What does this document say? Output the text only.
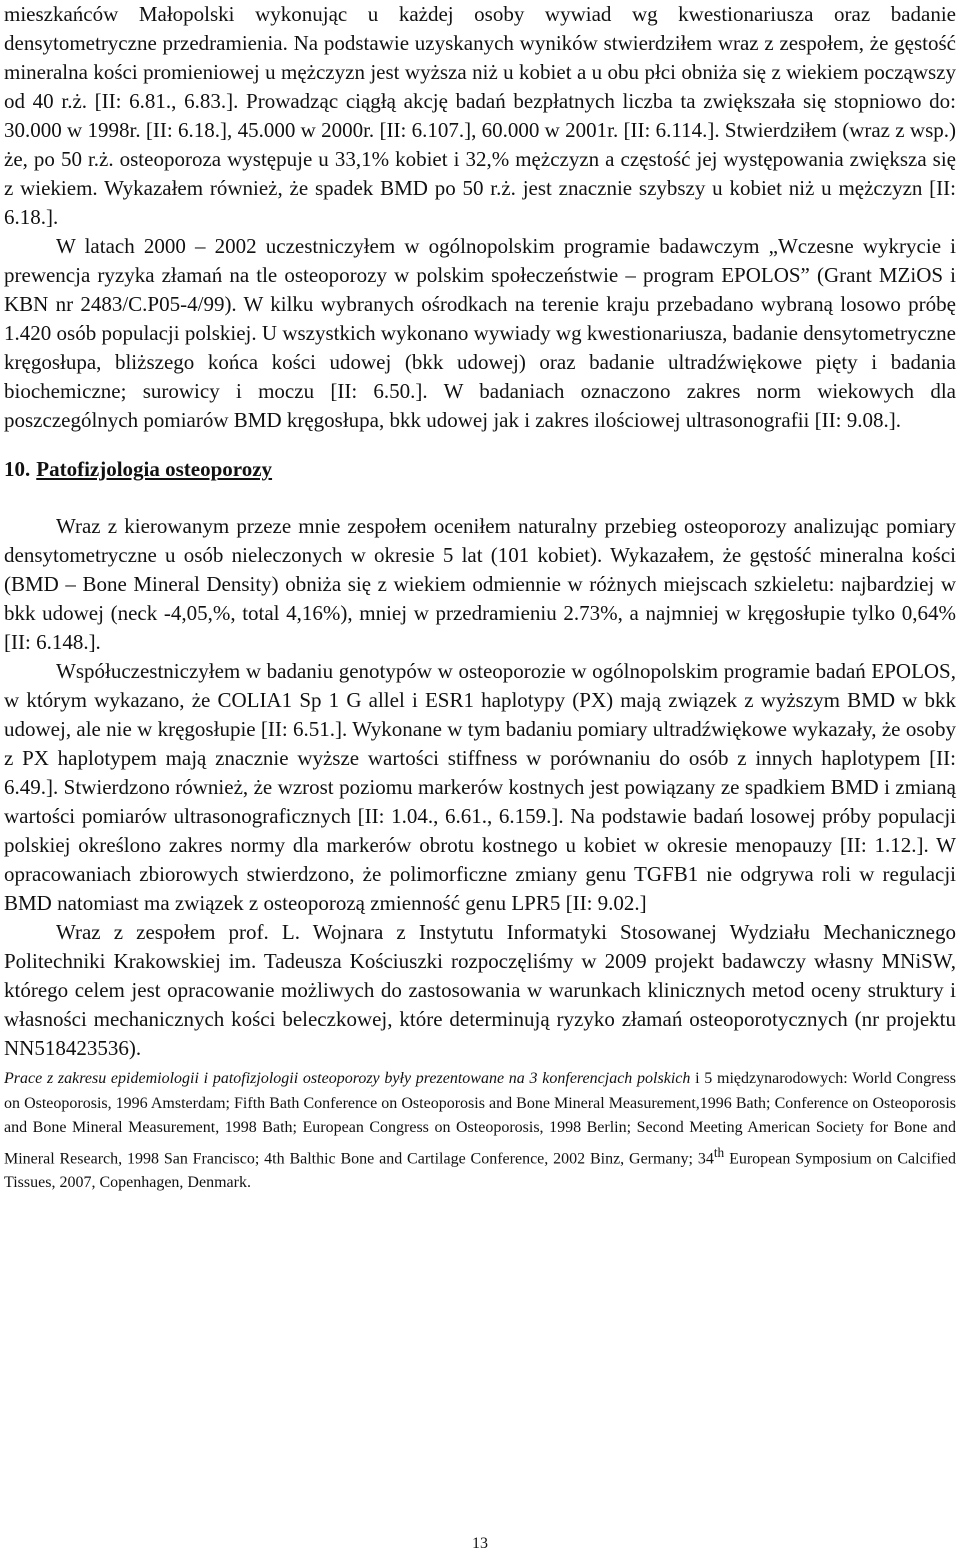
mieszkańców Małopolski wykonując u każdej osoby wywiad wg kwestionariusza oraz badanie densytometryczne przedramienia. Na podstawie uzyskanych wyników stwierdziłem wraz z zespołem, że gęstość mineralna kości promieniowej u mężczyzn jest wyższa niż u kobiet a u obu płci obniża się z wiekiem począwszy od 40 r.ż. [II: 6.81., 6.83.]. Prowadząc ciągłą akcję badań bezpłatnych liczba ta zwiększała się stopniowo do: 30.000 w 1998r. [II: 6.18.], 45.000 w 2000r. [II: 6.107.], 60.000 w 2001r. [II: 6.114.]. Stwierdziłem (wraz z wsp.) że, po 50 r.ż. osteoporoza występuje u 33,1% kobiet i 32,% mężczyzn a częstość jej występowania zwiększa się z wiekiem. Wykazałem również, że spadek BMD po 50 r.ż. jest znacznie szybszy u kobiet niż u mężczyzn [II: 6.18.].

W latach 2000 – 2002 uczestniczyłem w ogólnopolskim programie badawczym „Wczesne wykrycie i prewencja ryzyka złamań na tle osteoporozy w polskim społeczeństwie – program EPOLOS” (Grant MZiOS i KBN nr 2483/C.P05-4/99). W kilku wybranych ośrodkach na terenie kraju przebadano wybraną losowo próbę 1.420 osób populacji polskiej. U wszystkich wykonano wywiady wg kwestionariusza, badanie densytometryczne kręgosłupa, bliższego końca kości udowej (bkk udowej) oraz badanie ultradźwiękowe pięty i badania biochemiczne; surowicy i moczu [II: 6.50.]. W badaniach oznaczono zakres norm wiekowych dla poszczególnych pomiarów BMD kręgosłupa, bkk udowej jak i zakres ilościowej ultrasonografii [II: 9.08.].

10. Patofizjologia osteoporozy

Wraz z kierowanym przeze mnie zespołem oceniłem naturalny przebieg osteoporozy analizując pomiary densytometryczne u osób nieleczonych w okresie 5 lat (101 kobiet). Wykazałem, że gęstość mineralna kości (BMD – Bone Mineral Density) obniża się z wiekiem odmiennie w różnych miejscach szkieletu: najbardziej w bkk udowej (neck -4,05,%, total 4,16%), mniej w przedramieniu 2.73%, a najmniej w kręgosłupie tylko 0,64% [II: 6.148.].

Współuczestniczyłem w badaniu genotypów w osteoporozie w ogólnopolskim programie badań EPOLOS, w którym wykazano, że COLIA1 Sp 1 G allel i ESR1 haplotypy (PX) mają związek z wyższym BMD w bkk udowej, ale nie w kręgosłupie [II: 6.51.]. Wykonane w tym badaniu pomiary ultradźwiękowe wykazały, że osoby z PX haplotypem mają znacznie wyższe wartości stiffness w porównaniu do osób z innych haplotypem [II: 6.49.]. Stwierdzono również, że wzrost poziomu markerów kostnych jest powiązany ze spadkiem BMD i zmianą wartości pomiarów ultrasonograficznych [II: 1.04., 6.61., 6.159.]. Na podstawie badań losowej próby populacji polskiej określono zakres normy dla markerów obrotu kostnego u kobiet w okresie menopauzy [II: 1.12.]. W opracowaniach zbiorowych stwierdzono, że polimorficzne zmiany genu TGFB1 nie odgrywa roli w regulacji BMD natomiast ma związek z osteoporozą zmienność genu LPR5 [II: 9.02.]

Wraz z zespołem prof. L. Wojnara z Instytutu Informatyki Stosowanej Wydziału Mechanicznego Politechniki Krakowskiej im. Tadeusza Kościuszki rozpoczęliśmy w 2009 projekt badawczy własny MNiSW, którego celem jest opracowanie możliwych do zastosowania w warunkach klinicznych metod oceny struktury i własności mechanicznych kości beleczkowej, które determinują ryzyko złamań osteoporotycznych (nr projektu NN518423536).

Prace z zakresu epidemiologii i patofizjologii osteoporozy były prezentowane na 3 konferencjach polskich i 5 międzynarodowych: World Congress on Osteoporosis, 1996 Amsterdam; Fifth Bath Conference on Osteoporosis and Bone Mineral Measurement,1996 Bath; Conference on Osteoporosis and Bone Mineral Measurement, 1998 Bath; European Congress on Osteoporosis, 1998 Berlin; Second Meeting American Society for Bone and Mineral Research, 1998 San Francisco; 4th Balthic Bone and Cartilage Conference, 2002 Binz, Germany; 34th European Symposium on Calcified Tissues, 2007, Copenhagen, Denmark.

13
